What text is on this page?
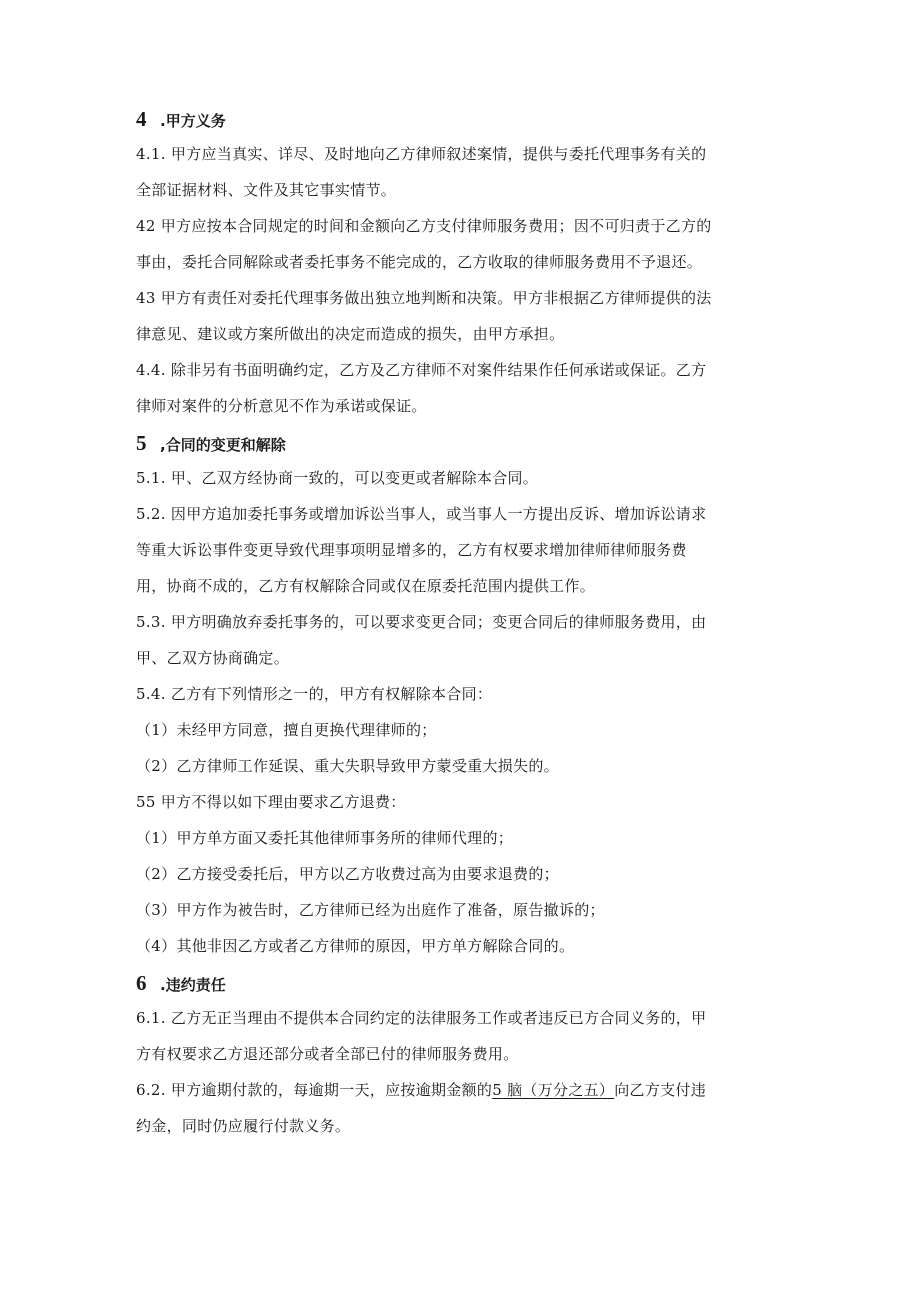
4 .甲方义务
4.1. 甲方应当真实、详尽、及时地向乙方律师叙述案情，提供与委托代理事务有关的
全部证据材料、文件及其它事实情节。
42 甲方应按本合同规定的时间和金额向乙方支付律师服务费用；因不可归责于乙方的
事由，委托合同解除或者委托事务不能完成的，乙方收取的律师服务费用不予退还。
43 甲方有责任对委托代理事务做出独立地判断和决策。甲方非根据乙方律师提供的法
律意见、建议或方案所做出的决定而造成的损失，由甲方承担。
4.4. 除非另有书面明确约定，乙方及乙方律师不对案件结果作任何承诺或保证。乙方
律师对案件的分析意见不作为承诺或保证。
5 ,合同的变更和解除
5.1. 甲、乙双方经协商一致的，可以变更或者解除本合同。
5.2. 因甲方追加委托事务或增加诉讼当事人，或当事人一方提出反诉、增加诉讼请求
等重大诉讼事件变更导致代理事项明显增多的，乙方有权要求增加律师律师服务费
用，协商不成的，乙方有权解除合同或仅在原委托范围内提供工作。
5.3. 甲方明确放弃委托事务的，可以要求变更合同；变更合同后的律师服务费用，由
甲、乙双方协商确定。
5.4. 乙方有下列情形之一的，甲方有权解除本合同：
（1）未经甲方同意，擅自更换代理律师的；
（2）乙方律师工作延误、重大失职导致甲方蒙受重大损失的。
55 甲方不得以如下理由要求乙方退费：
（1）甲方单方面又委托其他律师事务所的律师代理的；
（2）乙方接受委托后，甲方以乙方收费过高为由要求退费的；
（3）甲方作为被告时，乙方律师已经为出庭作了准备，原告撤诉的；
（4）其他非因乙方或者乙方律师的原因，甲方单方解除合同的。
6 .违约责任
6.1. 乙方无正当理由不提供本合同约定的法律服务工作或者违反已方合同义务的，甲
方有权要求乙方退还部分或者全部已付的律师服务费用。
6.2. 甲方逾期付款的，每逾期一天，应按逾期金额的5 脑（万分之五）向乙方支付违
约金，同时仍应履行付款义务。
